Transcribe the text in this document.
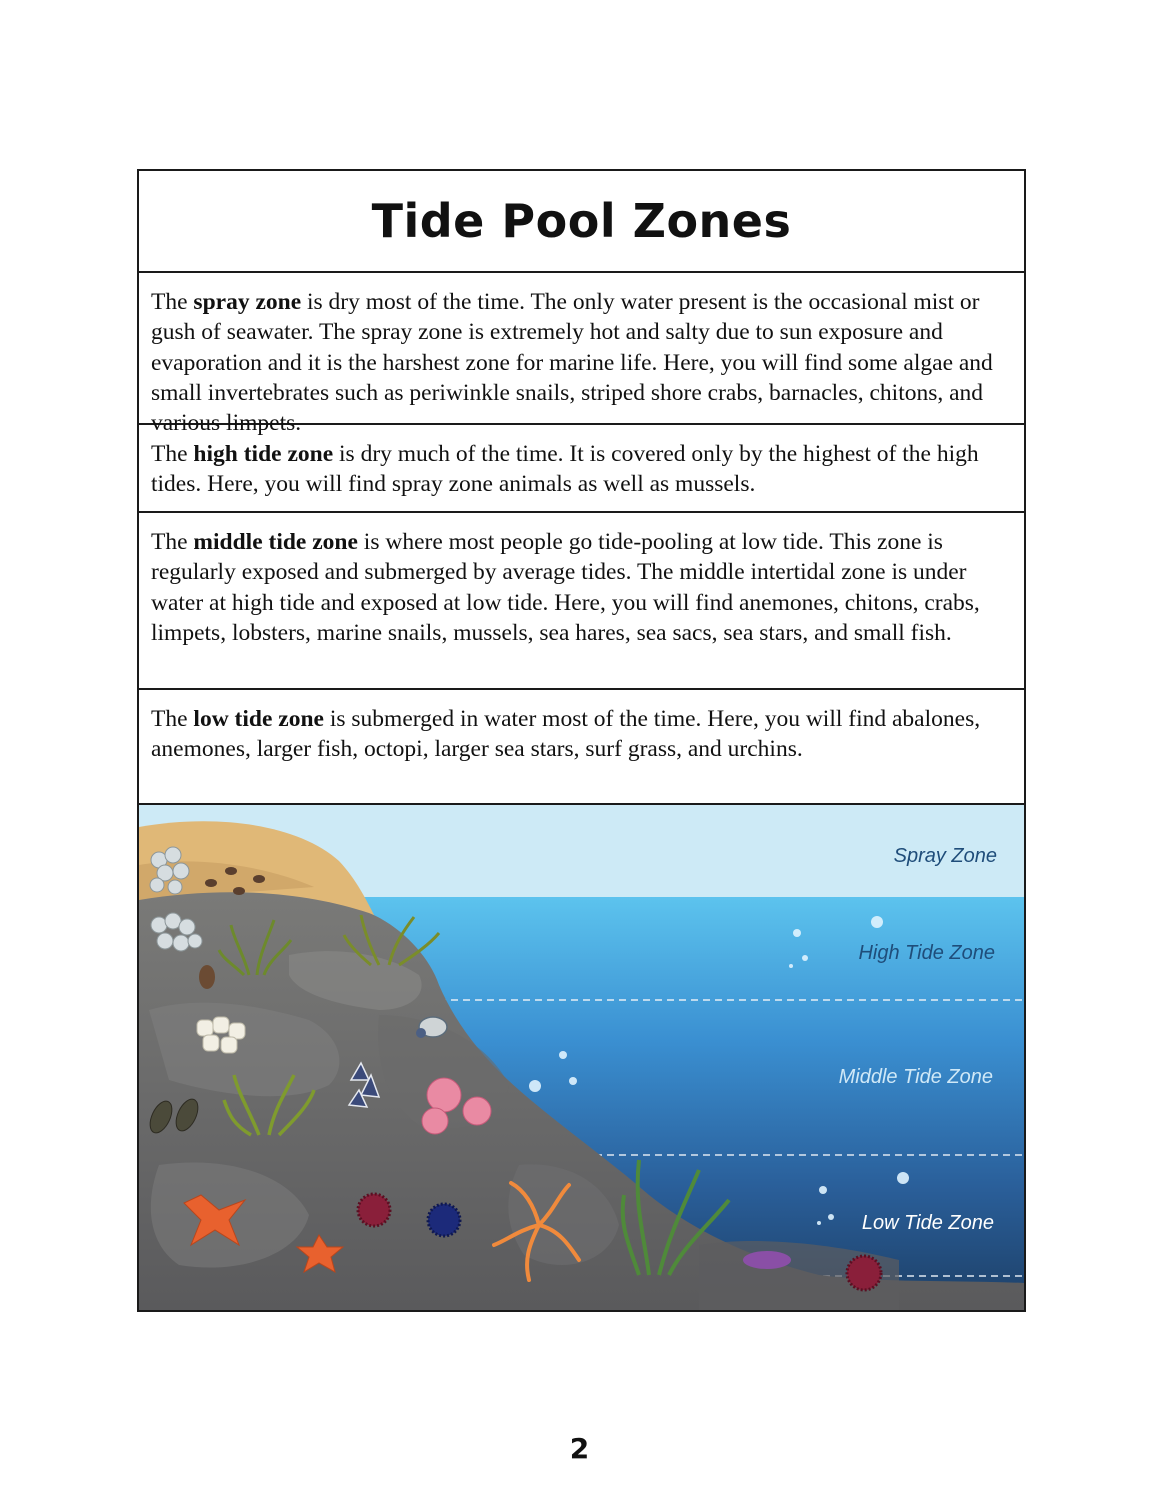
Tide Pool Zones
The spray zone is dry most of the time. The only water present is the occasional mist or gush of seawater. The spray zone is extremely hot and salty due to sun exposure and evaporation and it is the harshest zone for marine life. Here, you will find some algae and small invertebrates such as periwinkle snails, striped shore crabs, barnacles, chitons, and various limpets.
The high tide zone is dry much of the time. It is covered only by the highest of the high tides. Here, you will find spray zone animals as well as mussels.
The middle tide zone is where most people go tide-pooling at low tide. This zone is regularly exposed and submerged by average tides. The middle intertidal zone is under water at high tide and exposed at low tide. Here, you will find anemones, chitons, crabs, limpets, lobsters, marine snails, mussels, sea hares, sea sacs, sea stars, and small fish.
The low tide zone is submerged in water most of the time. Here, you will find abalones, anemones, larger fish, octopi, larger sea stars, surf grass, and urchins.
Spray Zone
High Tide Zone
Middle Tide Zone
Low Tide Zone
2
